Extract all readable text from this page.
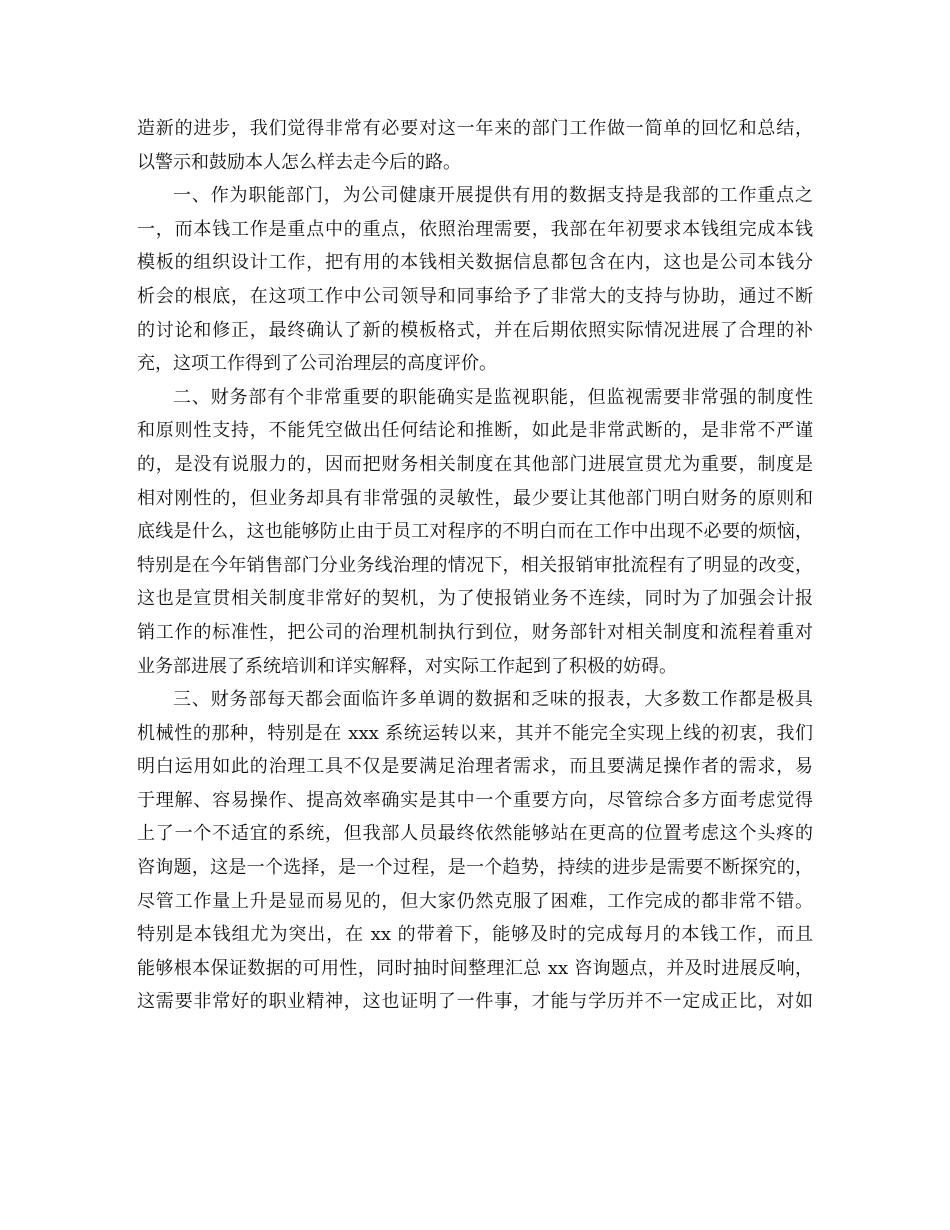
造新的进步，我们觉得非常有必要对这一年来的部门工作做一简单的回忆和总结，
以警示和鼓励本人怎么样去走今后的路。
一、作为职能部门，为公司健康开展提供有用的数据支持是我部的工作重点之
一，而本钱工作是重点中的重点，依照治理需要，我部在年初要求本钱组完成本钱
模板的组织设计工作，把有用的本钱相关数据信息都包含在内，这也是公司本钱分
析会的根底，在这项工作中公司领导和同事给予了非常大的支持与协助，通过不断
的讨论和修正，最终确认了新的模板格式，并在后期依照实际情况进展了合理的补
充，这项工作得到了公司治理层的高度评价。
二、财务部有个非常重要的职能确实是监视职能，但监视需要非常强的制度性
和原则性支持，不能凭空做出任何结论和推断，如此是非常武断的，是非常不严谨
的，是没有说服力的，因而把财务相关制度在其他部门进展宣贯尤为重要，制度是
相对刚性的，但业务却具有非常强的灵敏性，最少要让其他部门明白财务的原则和
底线是什么，这也能够防止由于员工对程序的不明白而在工作中出现不必要的烦恼，
特别是在今年销售部门分业务线治理的情况下，相关报销审批流程有了明显的改变，
这也是宣贯相关制度非常好的契机，为了使报销业务不连续，同时为了加强会计报
销工作的标准性，把公司的治理机制执行到位，财务部针对相关制度和流程着重对
业务部进展了系统培训和详实解释，对实际工作起到了积极的妨碍。
三、财务部每天都会面临许多单调的数据和乏味的报表，大多数工作都是极具
机械性的那种，特别是在 xxx 系统运转以来，其并不能完全实现上线的初衷，我们
明白运用如此的治理工具不仅是要满足治理者需求，而且要满足操作者的需求，易
于理解、容易操作、提高效率确实是其中一个重要方向，尽管综合多方面考虑觉得
上了一个不适宜的系统，但我部人员最终依然能够站在更高的位置考虑这个头疼的
咨询题，这是一个选择，是一个过程，是一个趋势，持续的进步是需要不断探究的，
尽管工作量上升是显而易见的，但大家仍然克服了困难，工作完成的都非常不错。
特别是本钱组尤为突出，在 xx 的带着下，能够及时的完成每月的本钱工作，而且
能够根本保证数据的可用性，同时抽时间整理汇总 xx 咨询题点，并及时进展反响，
这需要非常好的职业精神，这也证明了一件事，才能与学历并不一定成正比，对如
